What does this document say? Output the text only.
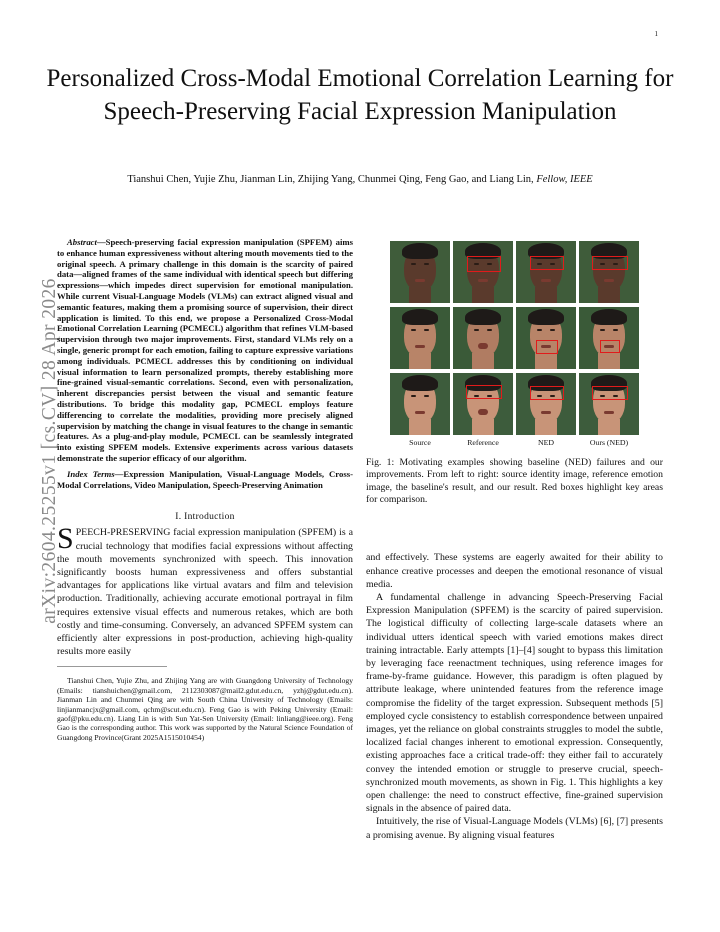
1
arXiv:2604.25255v1 [cs.CV] 28 Apr 2026
Personalized Cross-Modal Emotional Correlation Learning for Speech-Preserving Facial Expression Manipulation
Tianshui Chen, Yujie Zhu, Jianman Lin, Zhijing Yang, Chunmei Qing, Feng Gao, and Liang Lin, Fellow, IEEE

Abstract—Speech-preserving facial expression manipulation (SPFEM) aims to enhance human expressiveness without altering mouth movements tied to the original speech. A primary challenge in this domain is the scarcity of paired data—aligned frames of the same individual with identical speech but differing expressions—which impedes direct supervision for emotional manipulation. While current Visual-Language Models (VLMs) can extract aligned visual and semantic features, making them a promising source of supervision, their direct application is limited. To this end, we propose a Personalized Cross-Modal Emotional Correlation Learning (PCMECL) algorithm that refines VLM-based supervision through two major improvements. First, standard VLMs rely on a single, generic prompt for each emotion, failing to capture expressive variations among individuals. PCMECL addresses this by conditioning on individual visual information to learn personalized prompts, thereby establishing more fine-grained visual-semantic correlations. Second, even with personalization, inherent discrepancies persist between the visual and semantic feature distributions. To bridge this modality gap, PCMECL employs feature differencing to correlate the modalities, providing more precisely aligned supervision by matching the change in visual features to the change in semantic features. As a plug-and-play module, PCMECL can be seamlessly integrated into existing SPFEM models. Extensive experiments across various datasets demonstrate the superior efficacy of our algorithm.

Index Terms—Expression Manipulation, Visual-Language Models, Cross-Modal Correlations, Video Manipulation, Speech-Preserving Animation

I. Introduction

SPEECH-PRESERVING facial expression manipulation (SPFEM) is a crucial technology that modifies facial expressions without affecting the mouth movements synchronized with speech. This innovation significantly boosts human expressiveness and offers substantial advantages for applications like virtual avatars and film and television production. Traditionally, achieving accurate emotional portrayal in film requires extensive visual effects and numerous retakes, which are both costly and time-consuming. Conversely, an advanced SPFEM system can efficiently alter expressions in post-production, achieving high-quality results more easily

Tianshui Chen, Yujie Zhu, and Zhijing Yang are with Guangdong University of Technology (Emails: tianshuichen@gmail.com, 2112303087@mail2.gdut.edu.cn, yzhj@gdut.edu.cn). Jianman Lin and Chunmei Qing are with South China University of Technology (Emails: linjianmancjx@gmail.com, qchm@scut.edu.cn). Feng Gao is with Peking University (Email: gaof@pku.edu.cn). Liang Lin is with Sun Yat-Sen University (Email: linliang@ieee.org). Feng Gao is the corresponding author. This work was supported by the Natural Science Foundation of Guangdong Province(Grant 2025A1515010454)

Source	Reference	NED	Ours (NED)

Fig. 1: Motivating examples showing baseline (NED) failures and our improvements. From left to right: source identity image, reference emotion image, the baseline's result, and our result. Red boxes highlight key areas for comparison.

and effectively. These systems are eagerly awaited for their ability to enhance creative processes and deepen the emotional resonance of visual media.

A fundamental challenge in advancing Speech-Preserving Facial Expression Manipulation (SPFEM) is the scarcity of paired supervision. The logistical difficulty of collecting large-scale datasets where an individual utters identical speech with varied emotions makes direct training intractable. Early attempts [1]–[4] sought to bypass this limitation by leveraging face reenactment techniques, using reference images for frame-by-frame guidance. However, this paradigm is often plagued by attribute leakage, where unintended features from the reference image compromise the fidelity of the target expression. Subsequent methods [5] employed cycle consistency to establish correspondence between unpaired images, yet the reliance on global constraints struggles to model the subtle, localized facial changes inherent to emotional expression. Consequently, existing approaches face a critical trade-off: they either fail to accurately convey the intended emotion or struggle to preserve crucial, speech-synchronized mouth movements, as shown in Fig. 1. This highlights a key open challenge: the need to construct effective, fine-grained supervision signals in the absence of paired data.

Intuitively, the rise of Visual-Language Models (VLMs) [6], [7] presents a promising avenue. By aligning visual features
